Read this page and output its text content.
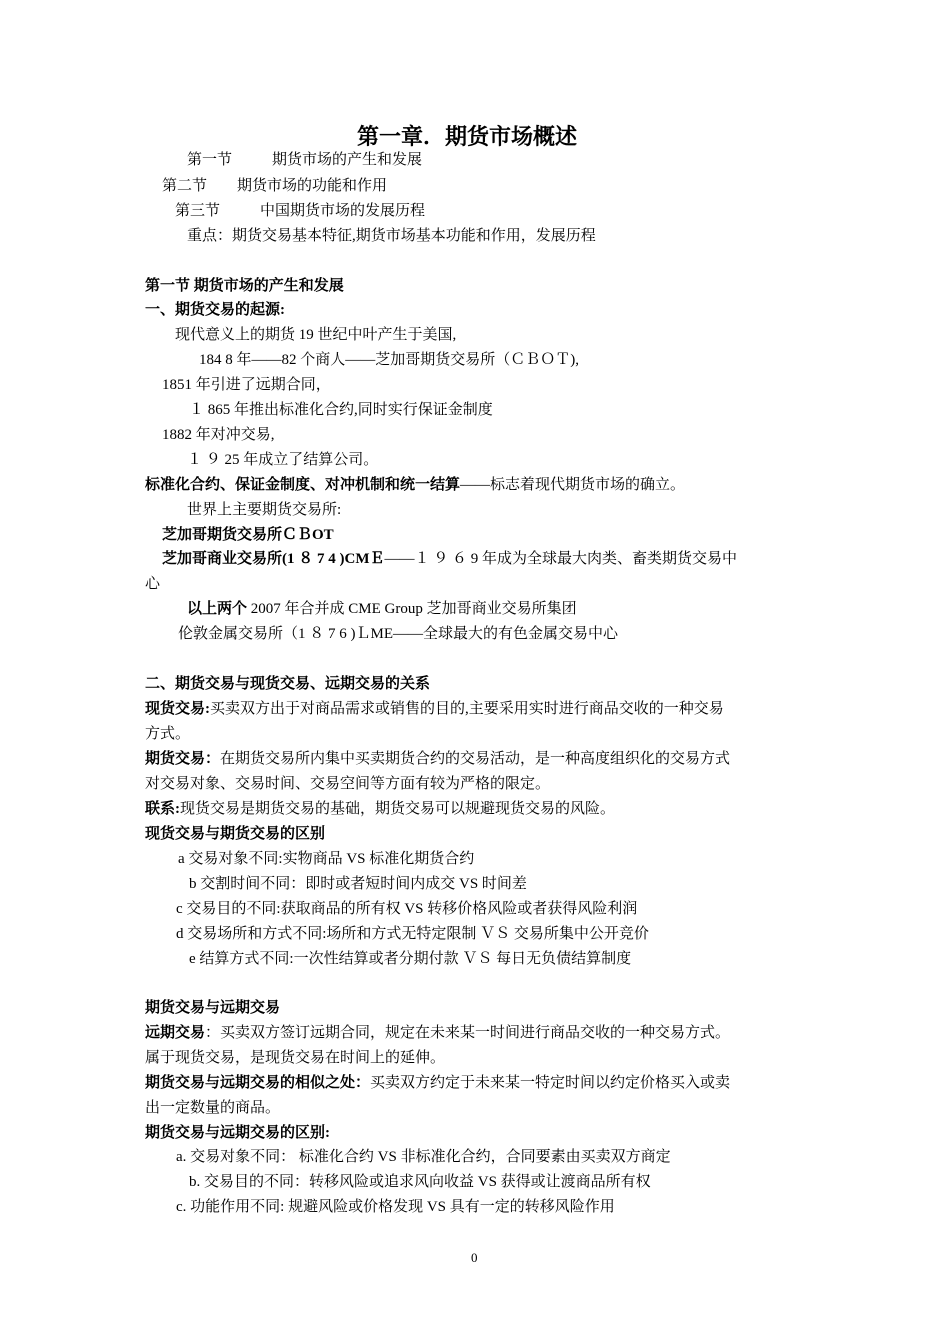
第一章．期货市场概述
第一节	期货市场的产生和发展
第二节 期货市场的功能和作用
第三节	中国期货市场的发展历程
重点：期货交易基本特征,期货市场基本功能和作用，发展历程
第一节 期货市场的产生和发展
一、期货交易的起源:
现代意义上的期货 19 世纪中叶产生于美国,
184 8 年——82 个商人——芝加哥期货交易所（ＣＢＯＴ),
1851 年引进了远期合同，
１ 865 年推出标准化合约,同时实行保证金制度
1882 年对冲交易,
１ ９ 25 年成立了结算公司。
标准化合约、保证金制度、对冲机制和统一结算——标志着现代期货市场的确立。
世界上主要期货交易所:
芝加哥期货交易所ＣＢOT
芝加哥商业交易所(1 ８ 7 4 )CMＥ——１ ９ ６ 9 年成为全球最大肉类、畜类期货交易中
心
以上两个 2007 年合并成 CME Group 芝加哥商业交易所集团
伦敦金属交易所（1 ８ 7 6 )ＬME——全球最大的有色金属交易中心
二、期货交易与现货交易、远期交易的关系
现货交易:买卖双方出于对商品需求或销售的目的,主要采用实时进行商品交收的一种交易
方式。
期货交易：在期货交易所内集中买卖期货合约的交易活动，是一种高度组织化的交易方式
对交易对象、交易时间、交易空间等方面有较为严格的限定。
联系:现货交易是期货交易的基础，期货交易可以规避现货交易的风险。
现货交易与期货交易的区别
a 交易对象不同:实物商品 VS 标准化期货合约
b 交割时间不同：即时或者短时间内成交 VS 时间差
c 交易目的不同:获取商品的所有权 VS 转移价格风险或者获得风险利润
d 交易场所和方式不同:场所和方式无特定限制 ＶＳ 交易所集中公开竞价
e 结算方式不同:一次性结算或者分期付款 ＶＳ 每日无负债结算制度
期货交易与远期交易
远期交易：买卖双方签订远期合同，规定在未来某一时间进行商品交收的一种交易方式。
属于现货交易，是现货交易在时间上的延伸。
期货交易与远期交易的相似之处：买卖双方约定于未来某一特定时间以约定价格买入或卖
出一定数量的商品。
期货交易与远期交易的区别:
a. 交易对象不同： 标准化合约 VS 非标准化合约，合同要素由买卖双方商定
b. 交易目的不同：转移风险或追求风向收益 VS 获得或让渡商品所有权
c. 功能作用不同: 规避风险或价格发现 VS 具有一定的转移风险作用
0
